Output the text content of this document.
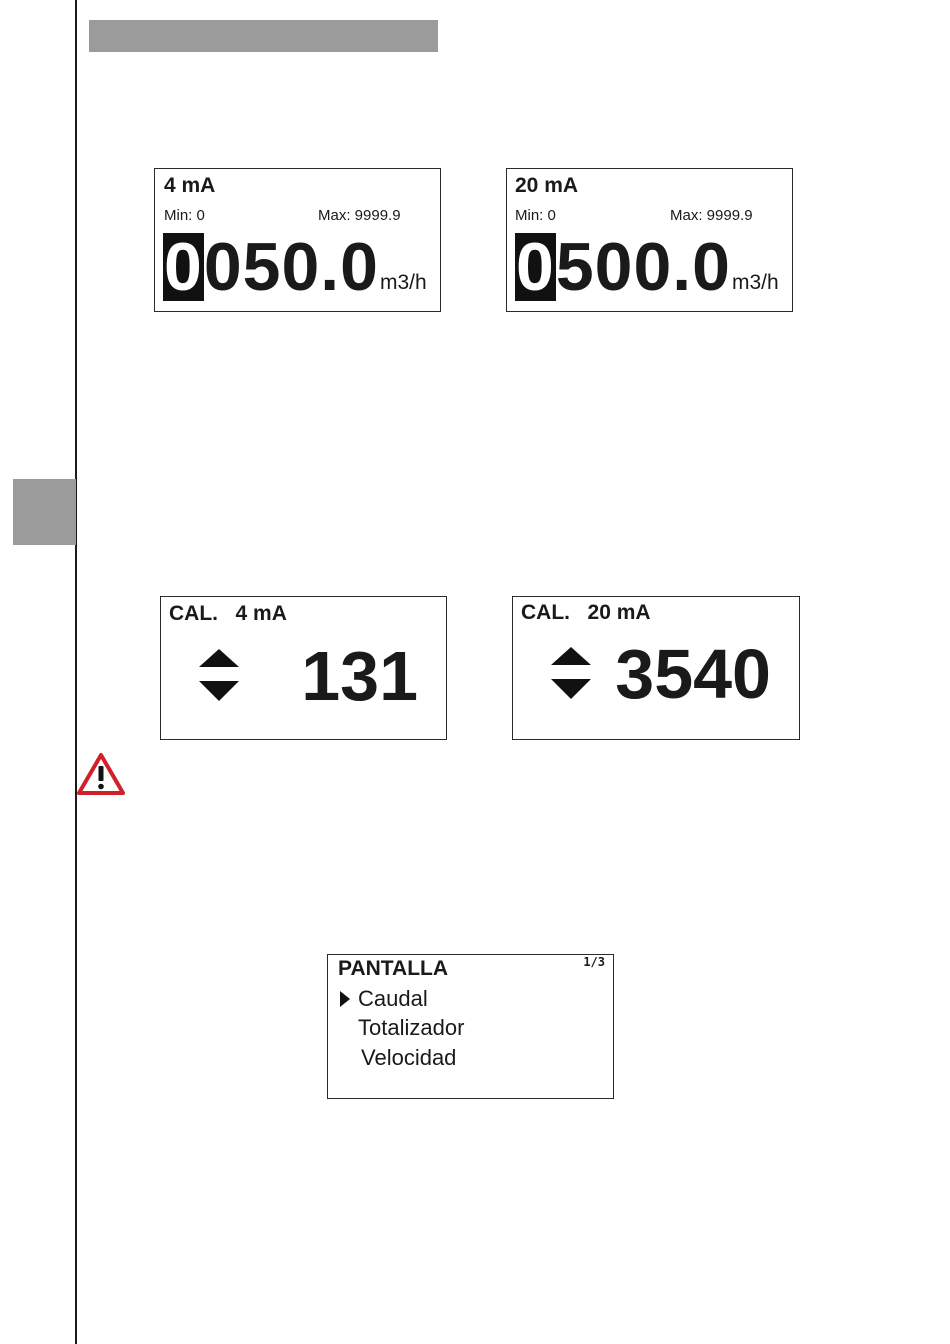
4 mA
Min: 0	Max: 9999.9
0050.0 m3/h
20 mA
Min: 0	Max: 9999.9
0500.0 m3/h
CAL. 4 mA
131
CAL. 20 mA
3540
PANTALLA	1/3
Caudal
Totalizador
Velocidad
